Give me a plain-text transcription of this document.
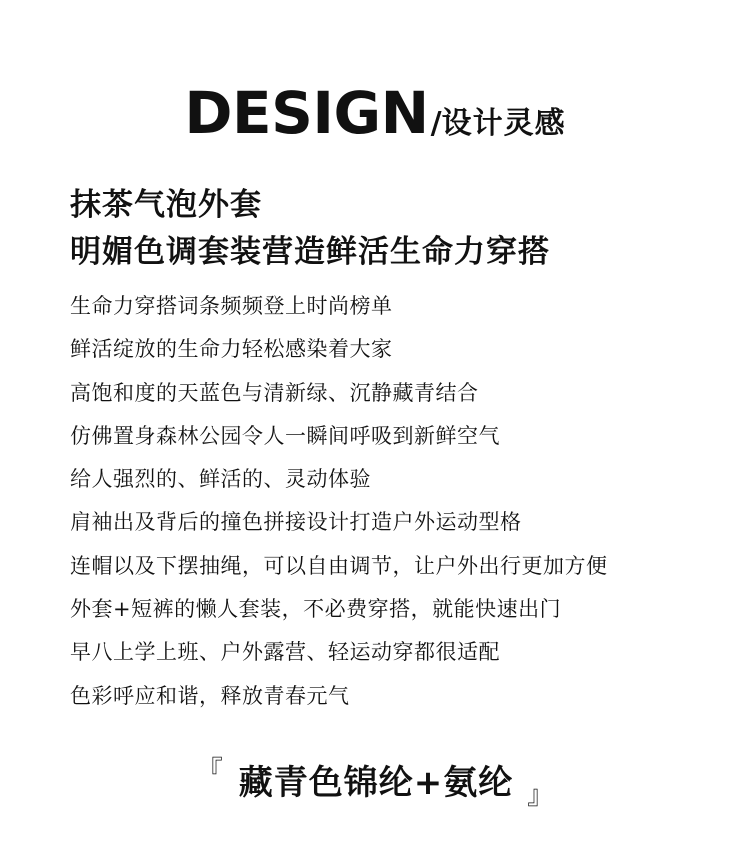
DESIGN/设计灵感
抹茶气泡外套
明媚色调套装营造鲜活生命力穿搭
生命力穿搭词条频频登上时尚榜单
鲜活绽放的生命力轻松感染着大家
高饱和度的天蓝色与清新绿、沉静藏青结合
仿佛置身森林公园令人一瞬间呼吸到新鲜空气
给人强烈的、鲜活的、灵动体验
肩袖出及背后的撞色拼接设计打造户外运动型格
连帽以及下摆抽绳，可以自由调节，让户外出行更加方便
外套+短裤的懒人套装，不必费穿搭，就能快速出门
早八上学上班、户外露营、轻运动穿都很适配
色彩呼应和谐，释放青春元气
『 藏青色锦纶+氨纶 』
